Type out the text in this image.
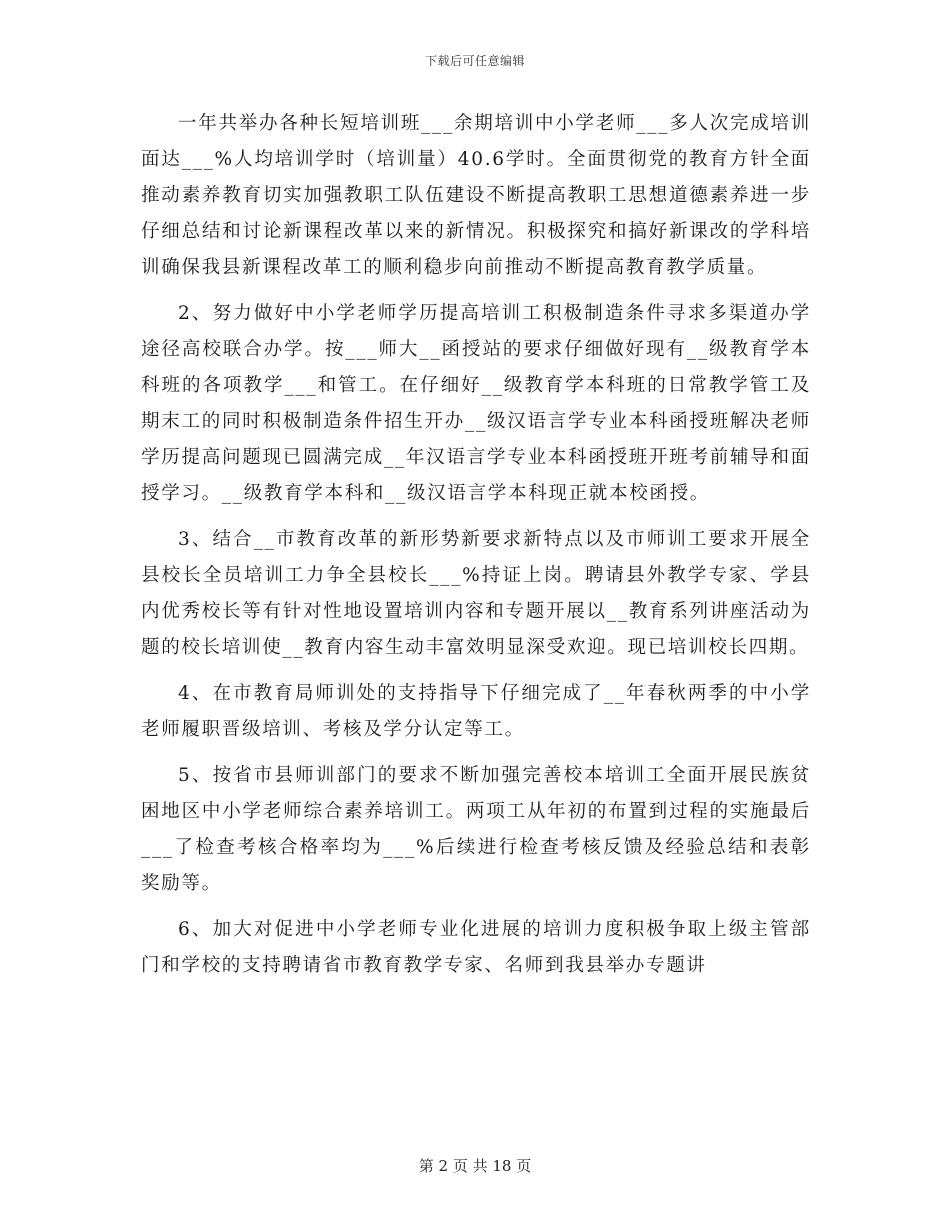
下载后可任意编辑

一年共举办各种长短培训班___余期培训中小学老师___多人次完成培训面达___%人均培训学时（培训量）40.6学时。全面贯彻党的教育方针全面推动素养教育切实加强教职工队伍建设不断提高教职工思想道德素养进一步仔细总结和讨论新课程改革以来的新情况。积极探究和搞好新课改的学科培训确保我县新课程改革工的顺利稳步向前推动不断提高教育教学质量。

2、努力做好中小学老师学历提高培训工积极制造条件寻求多渠道办学途径高校联合办学。按___师大__函授站的要求仔细做好现有__级教育学本科班的各项教学___和管工。在仔细好__级教育学本科班的日常教学管工及期末工的同时积极制造条件招生开办__级汉语言学专业本科函授班解决老师学历提高问题现已圆满完成__年汉语言学专业本科函授班开班考前辅导和面授学习。__级教育学本科和__级汉语言学本科现正就本校函授。

3、结合__市教育改革的新形势新要求新特点以及市师训工要求开展全县校长全员培训工力争全县校长___%持证上岗。聘请县外教学专家、学县内优秀校长等有针对性地设置培训内容和专题开展以__教育系列讲座活动为题的校长培训使__教育内容生动丰富效明显深受欢迎。现已培训校长四期。

4、在市教育局师训处的支持指导下仔细完成了__年春秋两季的中小学老师履职晋级培训、考核及学分认定等工。

5、按省市县师训部门的要求不断加强完善校本培训工全面开展民族贫困地区中小学老师综合素养培训工。两项工从年初的布置到过程的实施最后___了检查考核合格率均为___%后续进行检查考核反馈及经验总结和表彰奖励等。

6、加大对促进中小学老师专业化进展的培训力度积极争取上级主管部门和学校的支持聘请省市教育教学专家、名师到我县举办专题讲

第 2 页 共 18 页
